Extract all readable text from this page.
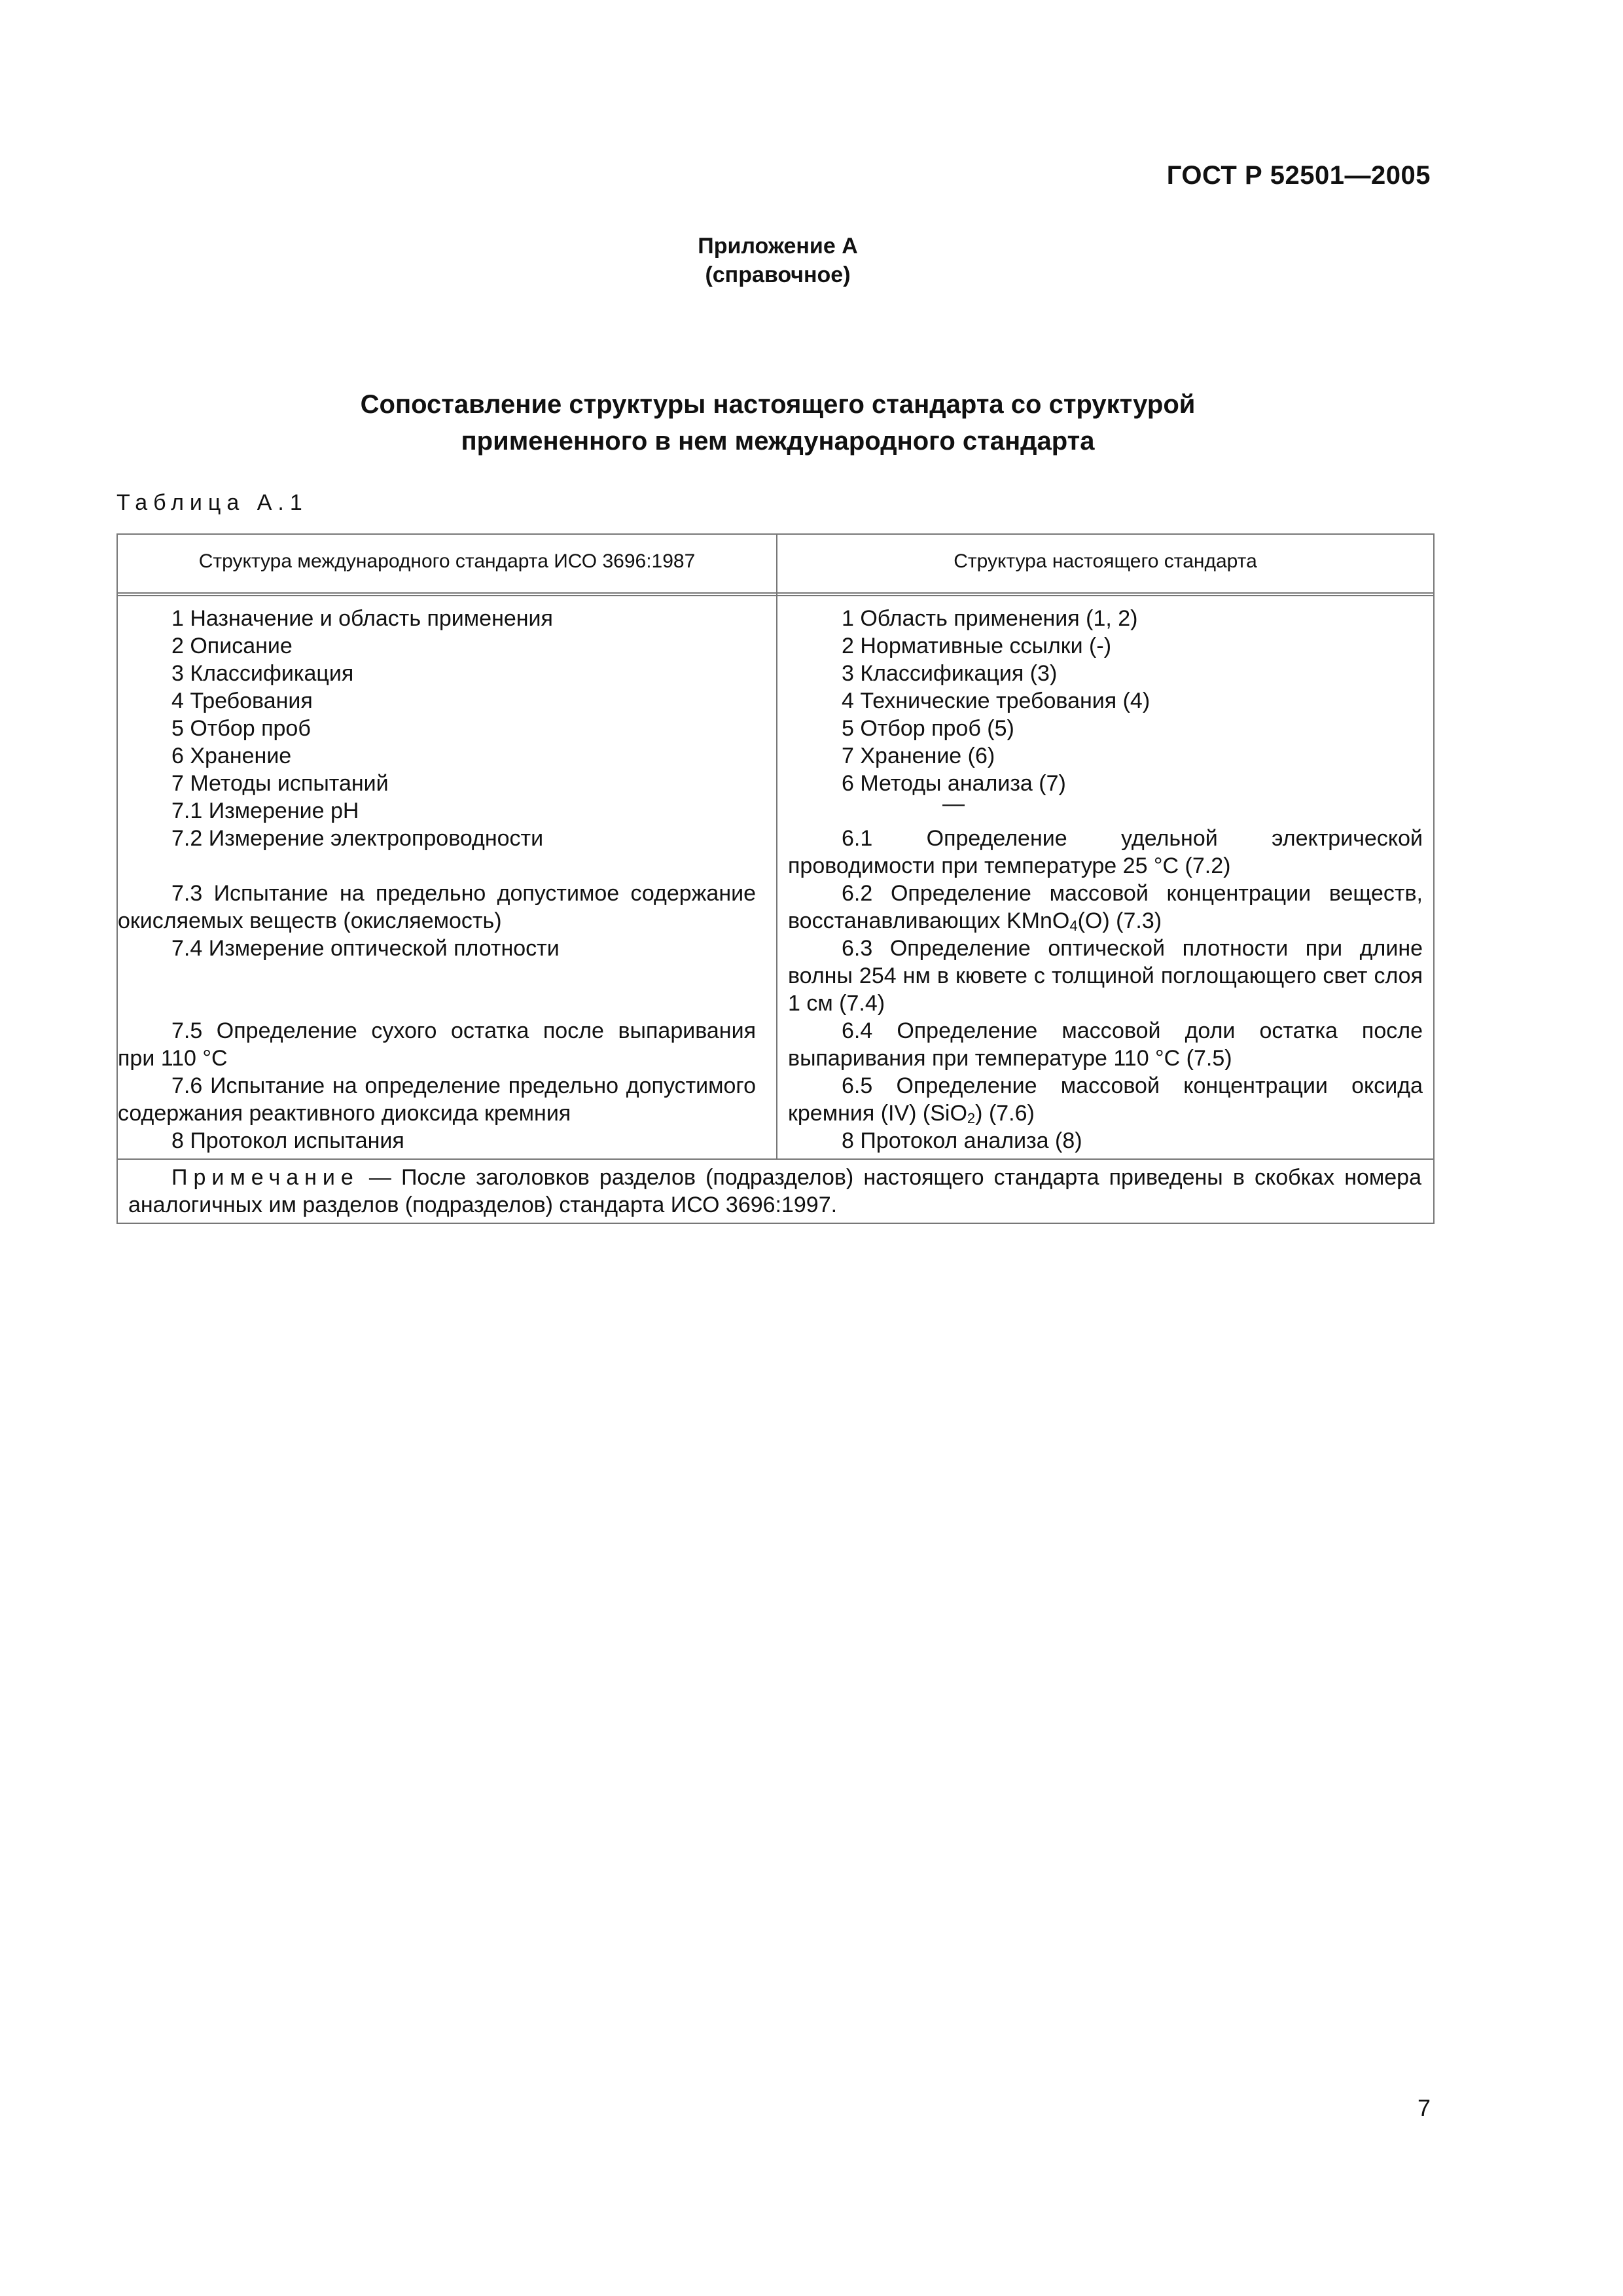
ГОСТ Р 52501—2005
Приложение А
(справочное)
Сопоставление структуры настоящего стандарта со структурой
примененного в нем международного стандарта
Таблица А.1
Структура международного стандарта ИСО 3696:1987	Структура настоящего стандарта
1 Назначение и область применения
2 Описание
3 Классификация
4 Требования
5 Отбор проб
6 Хранение
7 Методы испытаний
7.1 Измерение pH
7.2 Измерение электропроводности
7.3 Испытание на предельно допустимое содержание окисляемых веществ (окисляемость)
7.4 Измерение оптической плотности
7.5 Определение сухого остатка после выпаривания при 110 °С
7.6 Испытание на определение предельно допустимого содержания реактивного диоксида кремния
8 Протокол испытания
1 Область применения (1, 2)
2 Нормативные ссылки (-)
3 Классификация (3)
4 Технические требования (4)
5 Отбор проб (5)
7 Хранение (6)
6 Методы анализа (7)
—
6.1 Определение удельной электрической проводимости при температуре 25 °С (7.2)
6.2 Определение массовой концентрации веществ, восстанавливающих KMnO$_4$(О) (7.3)
6.3 Определение оптической плотности при длине волны 254 нм в кювете с толщиной поглощающего свет слоя 1 см (7.4)
6.4 Определение массовой доли остатка после выпаривания при температуре 110 °С (7.5)
6.5 Определение массовой концентрации оксида кремния (IV) (SiO$_2$) (7.6)
8 Протокол анализа (8)
Примечание — После заголовков разделов (подразделов) настоящего стандарта приведены в скобках номера аналогичных им разделов (подразделов) стандарта ИСО 3696:1997.
7
